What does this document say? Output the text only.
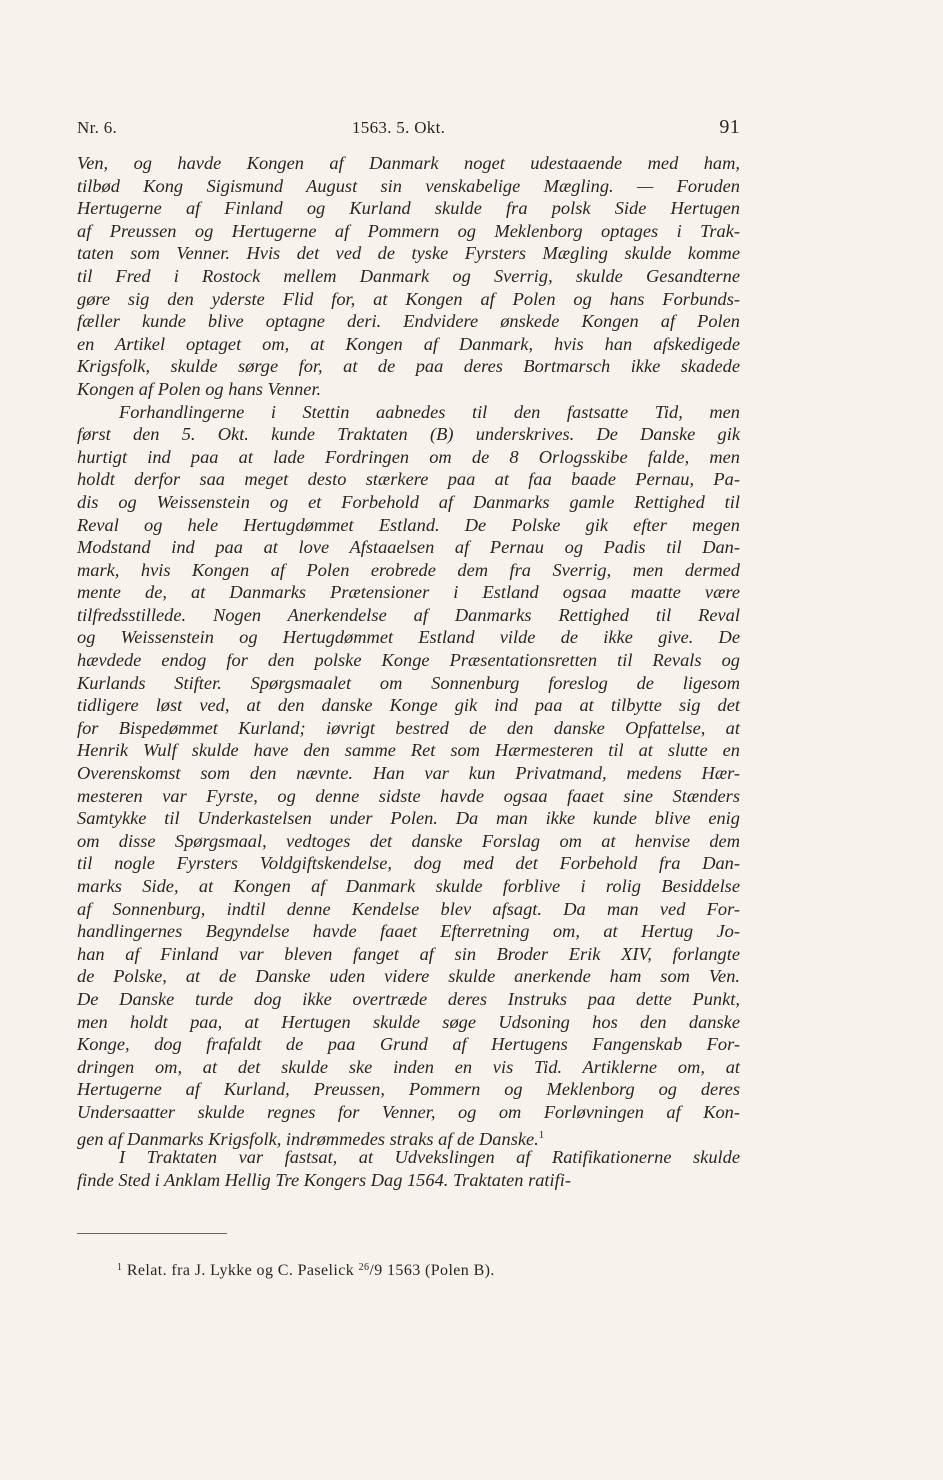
Nr. 6.	1563. 5. Okt.	91
Ven, og havde Kongen af Danmark noget udestaaende med ham,
tilbød Kong Sigismund August sin venskabelige Mægling. — Foruden
Hertugerne af Finland og Kurland skulde fra polsk Side Hertugen
af Preussen og Hertugerne af Pommern og Meklenborg optages i Trak-
taten som Venner. Hvis det ved de tyske Fyrsters Mægling skulde komme
til Fred i Rostock mellem Danmark og Sverrig, skulde Gesandterne
gøre sig den yderste Flid for, at Kongen af Polen og hans Forbunds-
fæller kunde blive optagne deri. Endvidere ønskede Kongen af Polen
en Artikel optaget om, at Kongen af Danmark, hvis han afskedigede
Krigsfolk, skulde sørge for, at de paa deres Bortmarsch ikke skadede
Kongen af Polen og hans Venner.
Forhandlingerne i Stettin aabnedes til den fastsatte Tid, men
først den 5. Okt. kunde Traktaten (B) underskrives. De Danske gik
hurtigt ind paa at lade Fordringen om de 8 Orlogsskibe falde, men
holdt derfor saa meget desto stærkere paa at faa baade Pernau, Pa-
dis og Weissenstein og et Forbehold af Danmarks gamle Rettighed til
Reval og hele Hertugdømmet Estland. De Polske gik efter megen
Modstand ind paa at love Afstaaelsen af Pernau og Padis til Dan-
mark, hvis Kongen af Polen erobrede dem fra Sverrig, men dermed
mente de, at Danmarks Prætensioner i Estland ogsaa maatte være
tilfredsstillede. Nogen Anerkendelse af Danmarks Rettighed til Reval
og Weissenstein og Hertugdømmet Estland vilde de ikke give. De
hævdede endog for den polske Konge Præsentationsretten til Revals og
Kurlands Stifter. Spørgsmaalet om Sonnenburg foreslog de ligesom
tidligere løst ved, at den danske Konge gik ind paa at tilbytte sig det
for Bispedømmet Kurland; iøvrigt bestred de den danske Opfattelse, at
Henrik Wulf skulde have den samme Ret som Hærmesteren til at slutte en
Overenskomst som den nævnte. Han var kun Privatmand, medens Hær-
mesteren var Fyrste, og denne sidste havde ogsaa faaet sine Stænders
Samtykke til Underkastelsen under Polen. Da man ikke kunde blive enig
om disse Spørgsmaal, vedtoges det danske Forslag om at henvise dem
til nogle Fyrsters Voldgiftskendelse, dog med det Forbehold fra Dan-
marks Side, at Kongen af Danmark skulde forblive i rolig Besiddelse
af Sonnenburg, indtil denne Kendelse blev afsagt. Da man ved For-
handlingernes Begyndelse havde faaet Efterretning om, at Hertug Jo-
han af Finland var bleven fanget af sin Broder Erik XIV, forlangte
de Polske, at de Danske uden videre skulde anerkende ham som Ven.
De Danske turde dog ikke overtræde deres Instruks paa dette Punkt,
men holdt paa, at Hertugen skulde søge Udsoning hos den danske
Konge, dog frafaldt de paa Grund af Hertugens Fangenskab For-
dringen om, at det skulde ske inden en vis Tid. Artiklerne om, at
Hertugerne af Kurland, Preussen, Pommern og Meklenborg og deres
Undersaatter skulde regnes for Venner, og om Forløvningen af Kon-
gen af Danmarks Krigsfolk, indrømmedes straks af de Danske.$^1$
I Traktaten var fastsat, at Udvekslingen af Ratifikationerne skulde
finde Sted i Anklam Hellig Tre Kongers Dag 1564. Traktaten ratifi-
$^1$ Relat. fra J. Lykke og C. Paselick $^{26}$/9 1563 (Polen B).
